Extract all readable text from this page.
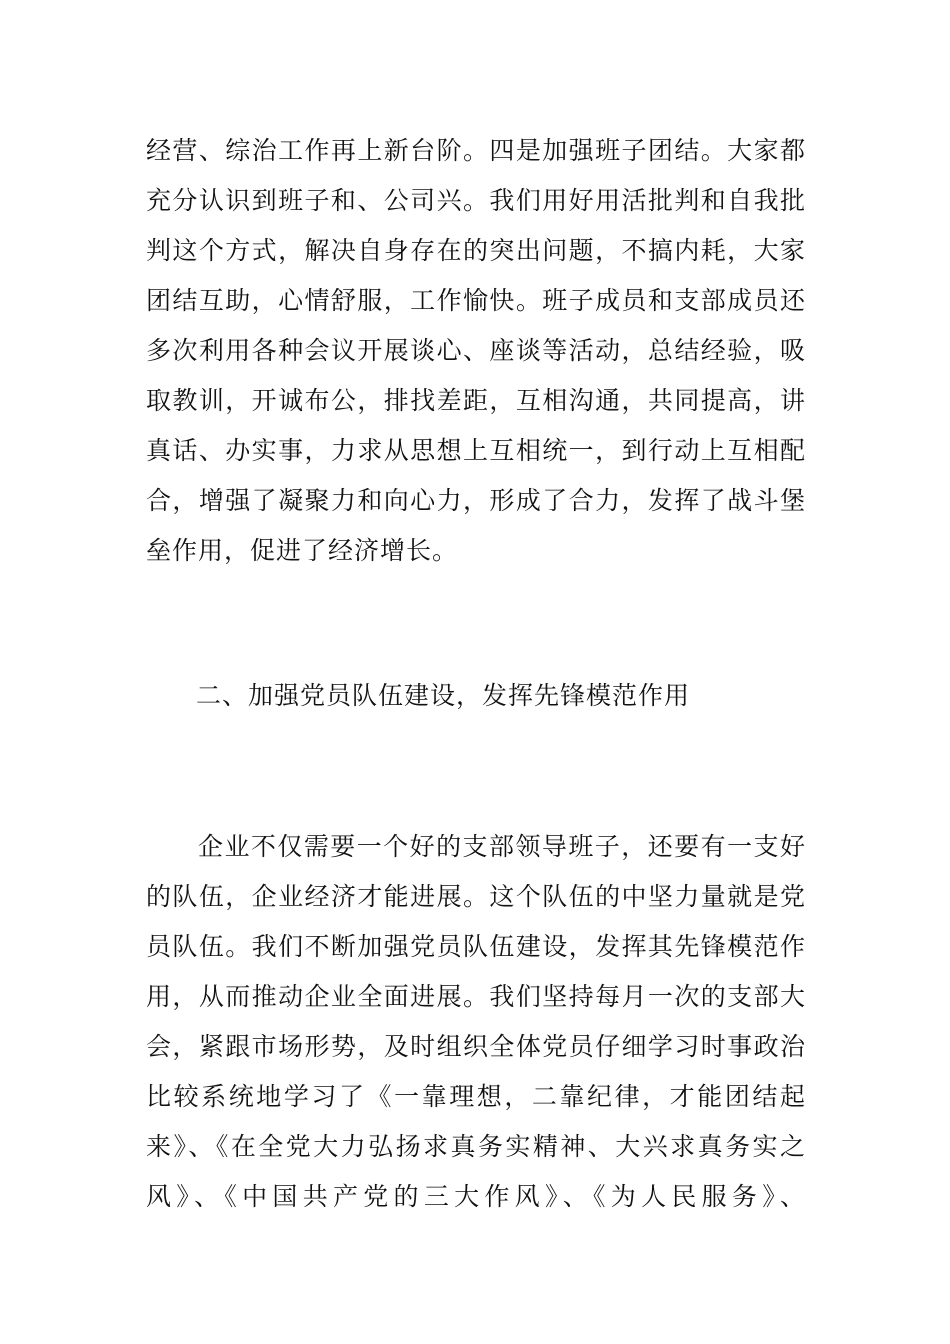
经营、综治工作再上新台阶。四是加强班子团结。大家都
充分认识到班子和、公司兴。我们用好用活批判和自我批
判这个方式，解决自身存在的突出问题，不搞内耗，大家
团结互助，心情舒服，工作愉快。班子成员和支部成员还
多次利用各种会议开展谈心、座谈等活动，总结经验，吸
取教训，开诚布公，排找差距，互相沟通，共同提高，讲
真话、办实事，力求从思想上互相统一，到行动上互相配
合，增强了凝聚力和向心力，形成了合力，发挥了战斗堡
垒作用，促进了经济增长。
二、加强党员队伍建设，发挥先锋模范作用
企业不仅需要一个好的支部领导班子，还要有一支好
的队伍，企业经济才能进展。这个队伍的中坚力量就是党
员队伍。我们不断加强党员队伍建设，发挥其先锋模范作
用，从而推动企业全面进展。我们坚持每月一次的支部大
会，紧跟市场形势，及时组织全体党员仔细学习时事政治
比较系统地学习了《一靠理想，二靠纪律，才能团结起
来》、《在全党大力弘扬求真务实精神、大兴求真务实之
风》、《中国共产党的三大作风》、《为人民服务》、
